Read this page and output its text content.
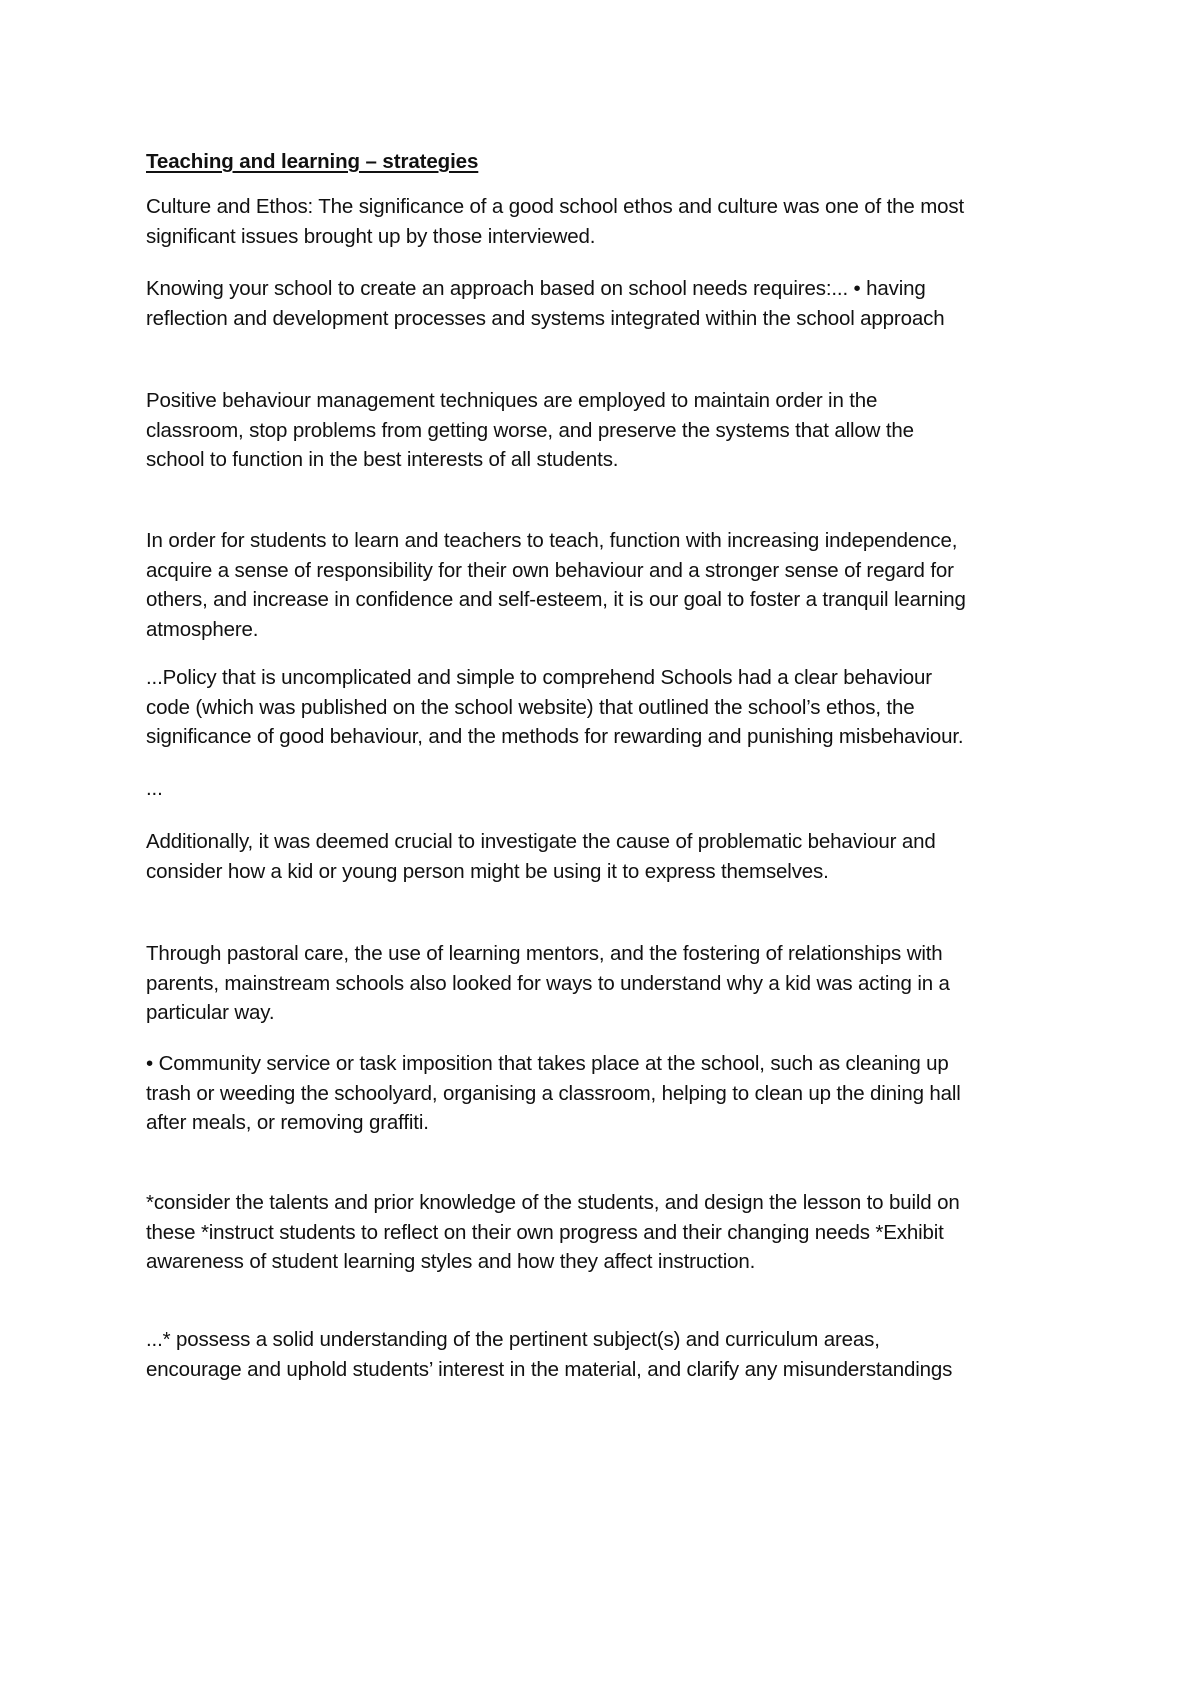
Teaching and learning – strategies

Culture and Ethos: The significance of a good school ethos and culture was one of the most
significant issues brought up by those interviewed.

Knowing your school to create an approach based on school needs requires:... • having
reflection and development processes and systems integrated within the school approach

Positive behaviour management techniques are employed to maintain order in the
classroom, stop problems from getting worse, and preserve the systems that allow the
school to function in the best interests of all students.

In order for students to learn and teachers to teach, function with increasing independence,
acquire a sense of responsibility for their own behaviour and a stronger sense of regard for
others, and increase in confidence and self-esteem, it is our goal to foster a tranquil learning
atmosphere.

...Policy that is uncomplicated and simple to comprehend Schools had a clear behaviour
code (which was published on the school website) that outlined the school’s ethos, the
significance of good behaviour, and the methods for rewarding and punishing misbehaviour.

...

Additionally, it was deemed crucial to investigate the cause of problematic behaviour and
consider how a kid or young person might be using it to express themselves.

Through pastoral care, the use of learning mentors, and the fostering of relationships with
parents, mainstream schools also looked for ways to understand why a kid was acting in a
particular way.

• Community service or task imposition that takes place at the school, such as cleaning up
trash or weeding the schoolyard, organising a classroom, helping to clean up the dining hall
after meals, or removing graffiti.

*consider the talents and prior knowledge of the students, and design the lesson to build on
these *instruct students to reflect on their own progress and their changing needs *Exhibit
awareness of student learning styles and how they affect instruction.

...* possess a solid understanding of the pertinent subject(s) and curriculum areas,
encourage and uphold students’ interest in the material, and clarify any misunderstandings
